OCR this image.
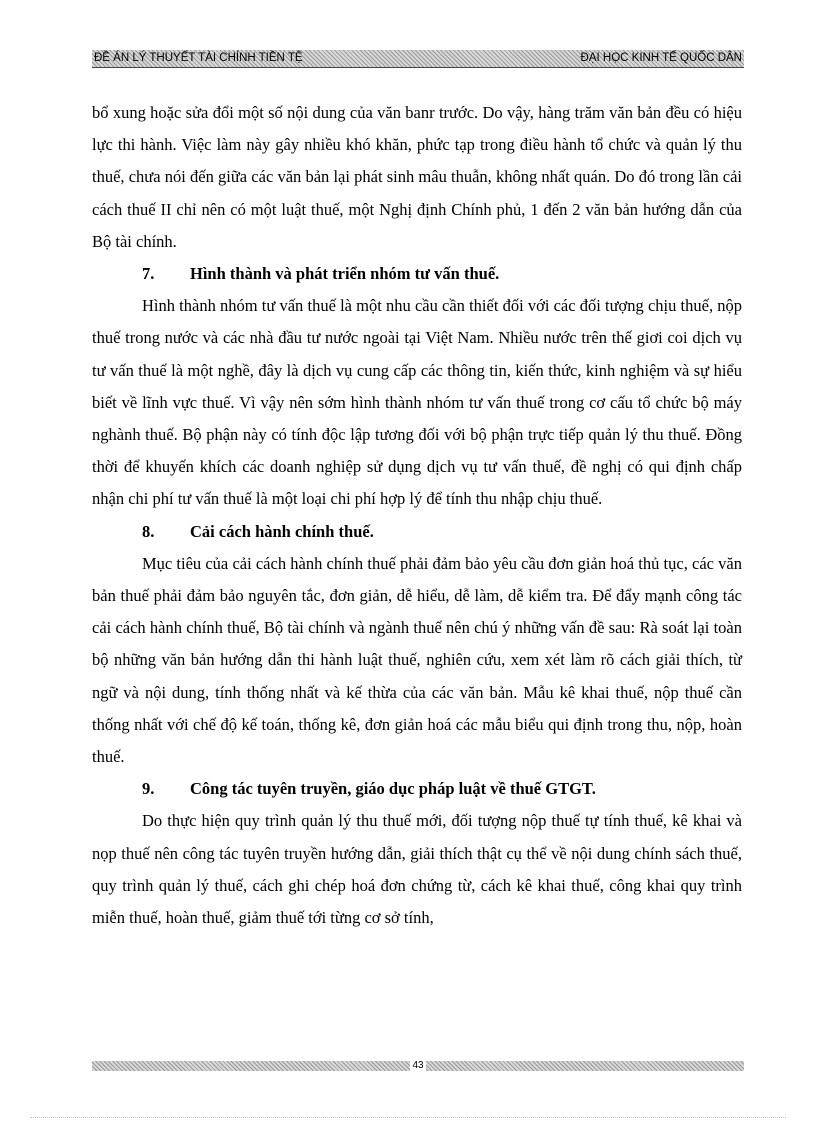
ĐỀ ÁN LÝ THUYẾT TÀI CHÍNH TIỀN TỆ	ĐẠI HỌC KINH TẾ QUỐC DÂN

bổ xung hoặc sửa đổi một số nội dung của văn banr trước. Do vậy, hàng trăm văn bản đều có hiệu lực thi hành. Việc làm này gây nhiều khó khăn, phức tạp trong điều hành tổ chức và quản lý thu thuế, chưa nói đến giữa các văn bản lại phát sinh mâu thuẫn, không nhất quán. Do đó trong lần cải cách thuế II chỉ nên có một luật thuế, một Nghị định Chính phủ, 1 đến 2 văn bản hướng dẫn của Bộ tài chính.

7. Hình thành và phát triển nhóm tư vấn thuế.

Hình thành nhóm tư vấn thuế là một nhu cầu cần thiết đối với các đối tượng chịu thuế, nộp thuế trong nước và các nhà đầu tư nước ngoài tại Việt Nam. Nhiều nước trên thế giơi coi dịch vụ tư vấn thuế là một nghề, đây là dịch vụ cung cấp các thông tin, kiến thức, kinh nghiệm và sự hiểu biết về lĩnh vực thuế. Vì vậy nên sớm hình thành nhóm tư vấn thuế trong cơ cấu tổ chức bộ máy nghành thuế. Bộ phận này có tính độc lập tương đối với bộ phận trực tiếp quản lý thu thuế. Đồng thời để khuyến khích các doanh nghiệp sử dụng dịch vụ tư vấn thuế, đề nghị có qui định chấp nhận chi phí tư vấn thuế là một loại chi phí hợp lý để tính thu nhập chịu thuế.

8. Cải cách hành chính thuế.

Mục tiêu của cải cách hành chính thuế phải đảm bảo yêu cầu đơn giản hoá thủ tục, các văn bản thuế phải đảm bảo nguyên tắc, đơn giản, dễ hiểu, dễ làm, dễ kiểm tra. Để đẩy mạnh công tác cải cách hành chính thuế, Bộ tài chính và ngành thuế nên chú ý những vấn đề sau: Rà soát lại toàn bộ những văn bản hướng dẫn thi hành luật thuế, nghiên cứu, xem xét làm rõ cách giải thích, từ ngữ và nội dung, tính thống nhất và kế thừa của các văn bản. Mẫu kê khai thuế, nộp thuế cần thống nhất với chế độ kế toán, thống kê, đơn giản hoá các mẫu biểu qui định trong thu, nộp, hoàn thuế.

9. Công tác tuyên truyền, giáo dục pháp luật về thuế GTGT.

Do thực hiện quy trình quản lý thu thuế mới, đối tượng nộp thuế tự tính thuế, kê khai và nọp thuế nên công tác tuyên truyền hướng dẫn, giải thích thật cụ thể về nội dung chính sách thuế, quy trình quản lý thuế, cách ghi chép hoá đơn chứng từ, cách kê khai thuế, công khai quy trình miễn thuế, hoàn thuế, giảm thuế tới từng cơ sở tính,

43
